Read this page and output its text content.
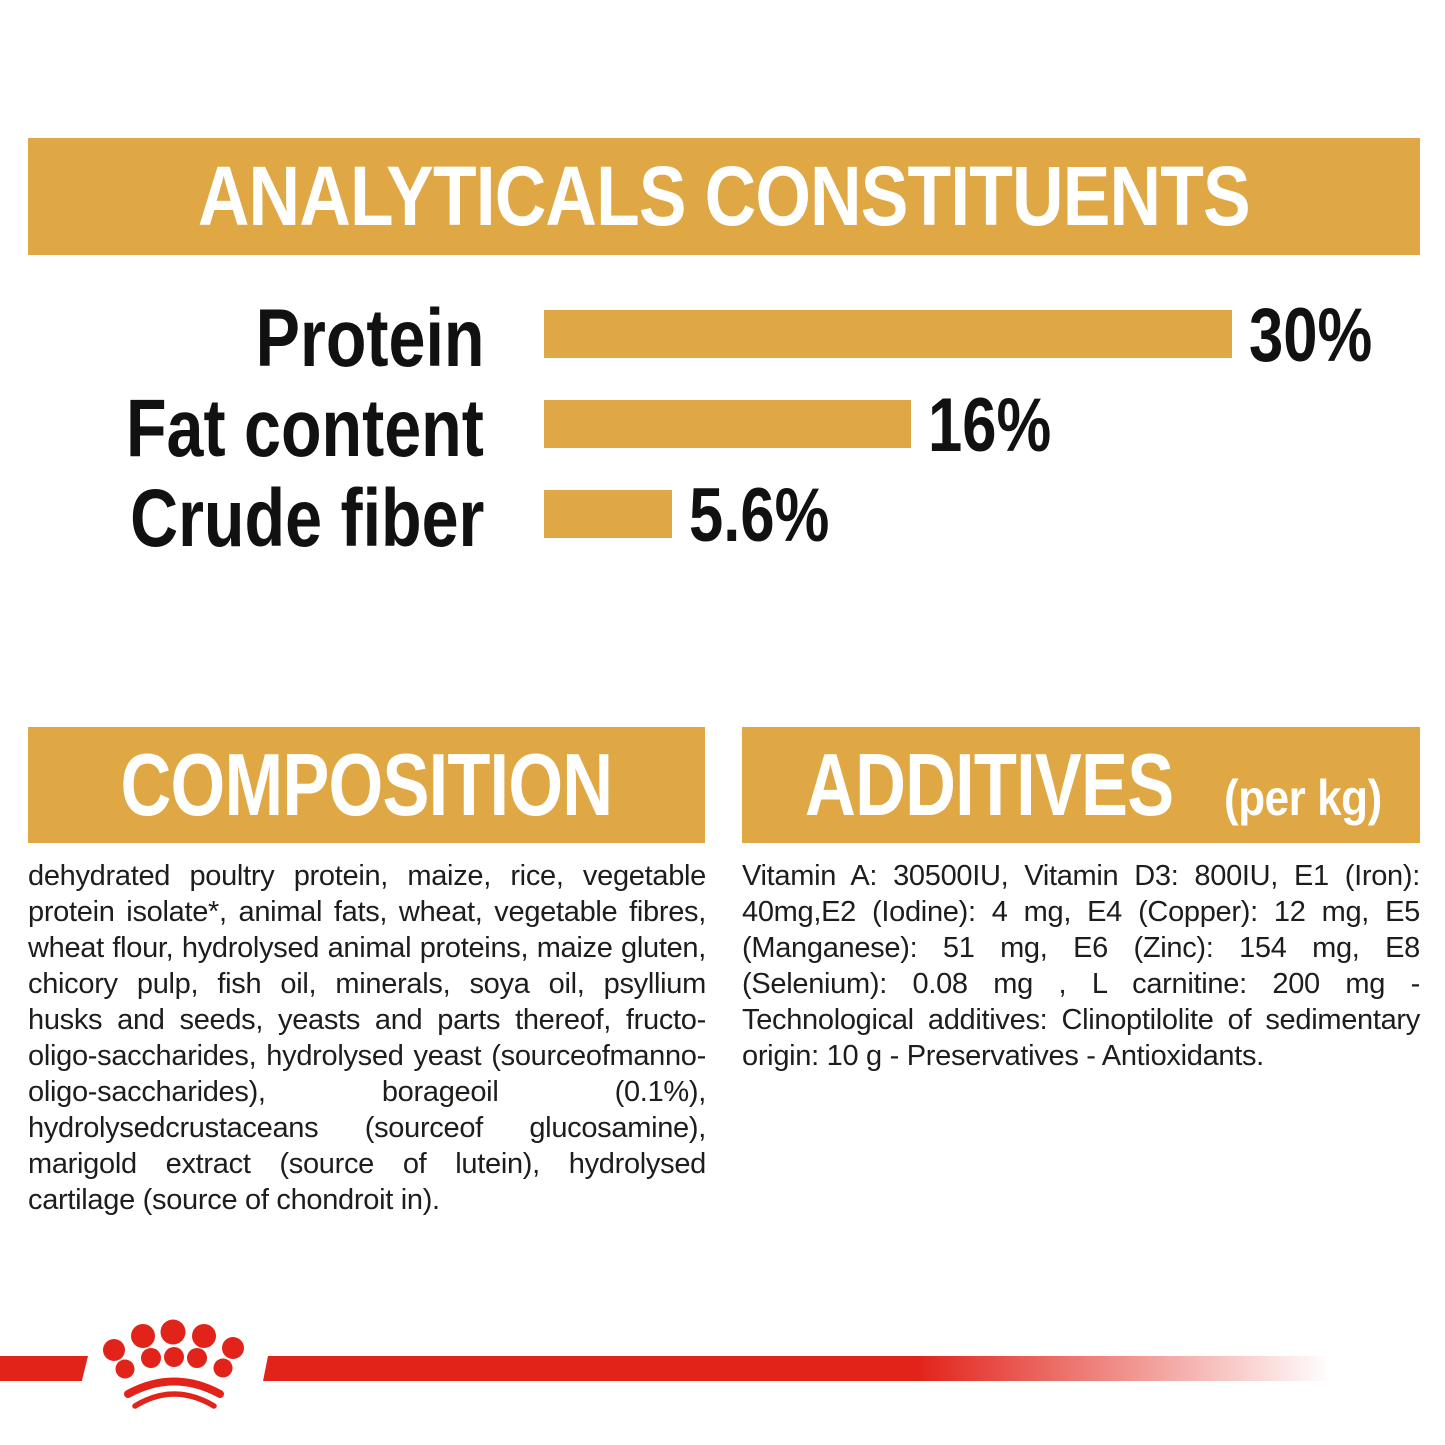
ANALYTICALS CONSTITUENTS
Protein	30%
Fat content	16%
Crude fiber	5.6%
COMPOSITION
dehydrated poultry protein, maize, rice, vegetable protein isolate*, animal fats, wheat, vegetable fibres, wheat flour, hydrolysed animal proteins, maize gluten, chicory pulp, fish oil, minerals, soya oil, psyllium husks and seeds, yeasts and parts thereof, fructo-oligo-saccharides, hydrolysed yeast (sourceofmanno-oligo-saccharides), borageoil (0.1%), hydrolysedcrustaceans (sourceof glucosamine), marigold extract (source of lutein), hydrolysed cartilage (source of chondroit in).
ADDITIVES (per kg)
Vitamin A: 30500IU, Vitamin D3: 800IU, E1 (Iron): 40mg,E2 (Iodine): 4 mg, E4 (Copper): 12 mg, E5 (Manganese): 51 mg, E6 (Zinc): 154 mg, E8 (Selenium): 0.08 mg , L carnitine: 200 mg - Technological additives: Clinoptilolite of sedimentary origin: 10 g - Preservatives - Antioxidants.
